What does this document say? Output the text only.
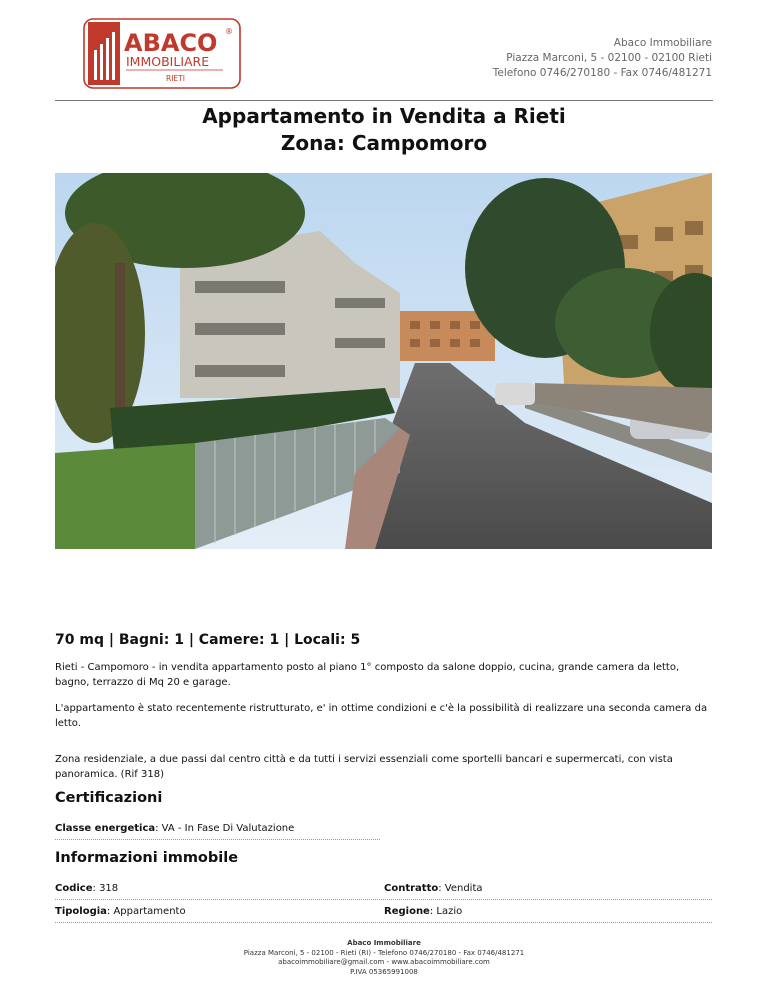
ABACO ®
IMMOBILIARE
RIETI
Abaco Immobiliare
Piazza Marconi, 5 - 02100 - 02100 Rieti
Telefono 0746/270180 - Fax 0746/481271
Appartamento in Vendita a Rieti
Zona: Campomoro
70 mq | Bagni: 1 | Camere: 1 | Locali: 5
Rieti - Campomoro - in vendita appartamento posto al piano 1° composto da salone doppio, cucina, grande camera da letto, bagno, terrazzo di Mq 20 e garage.
L'appartamento è stato recentemente ristrutturato, e' in ottime condizioni e c'è la possibilità di realizzare una seconda camera da letto.
Zona residenziale, a due passi dal centro città e da tutti i servizi essenziali come sportelli bancari e supermercati, con vista panoramica. (Rif 318)
Certificazioni
Classe energetica: VA - In Fase Di Valutazione
Informazioni immobile
Codice: 318	Contratto: Vendita
Tipologia: Appartamento	Regione: Lazio
Abaco Immobiliare
Piazza Marconi, 5 - 02100 - Rieti (RI) - Telefono 0746/270180 - Fax 0746/481271
abacoimmobiliare@gmail.com - www.abacoimmobiliare.com
P.IVA 05365991008
